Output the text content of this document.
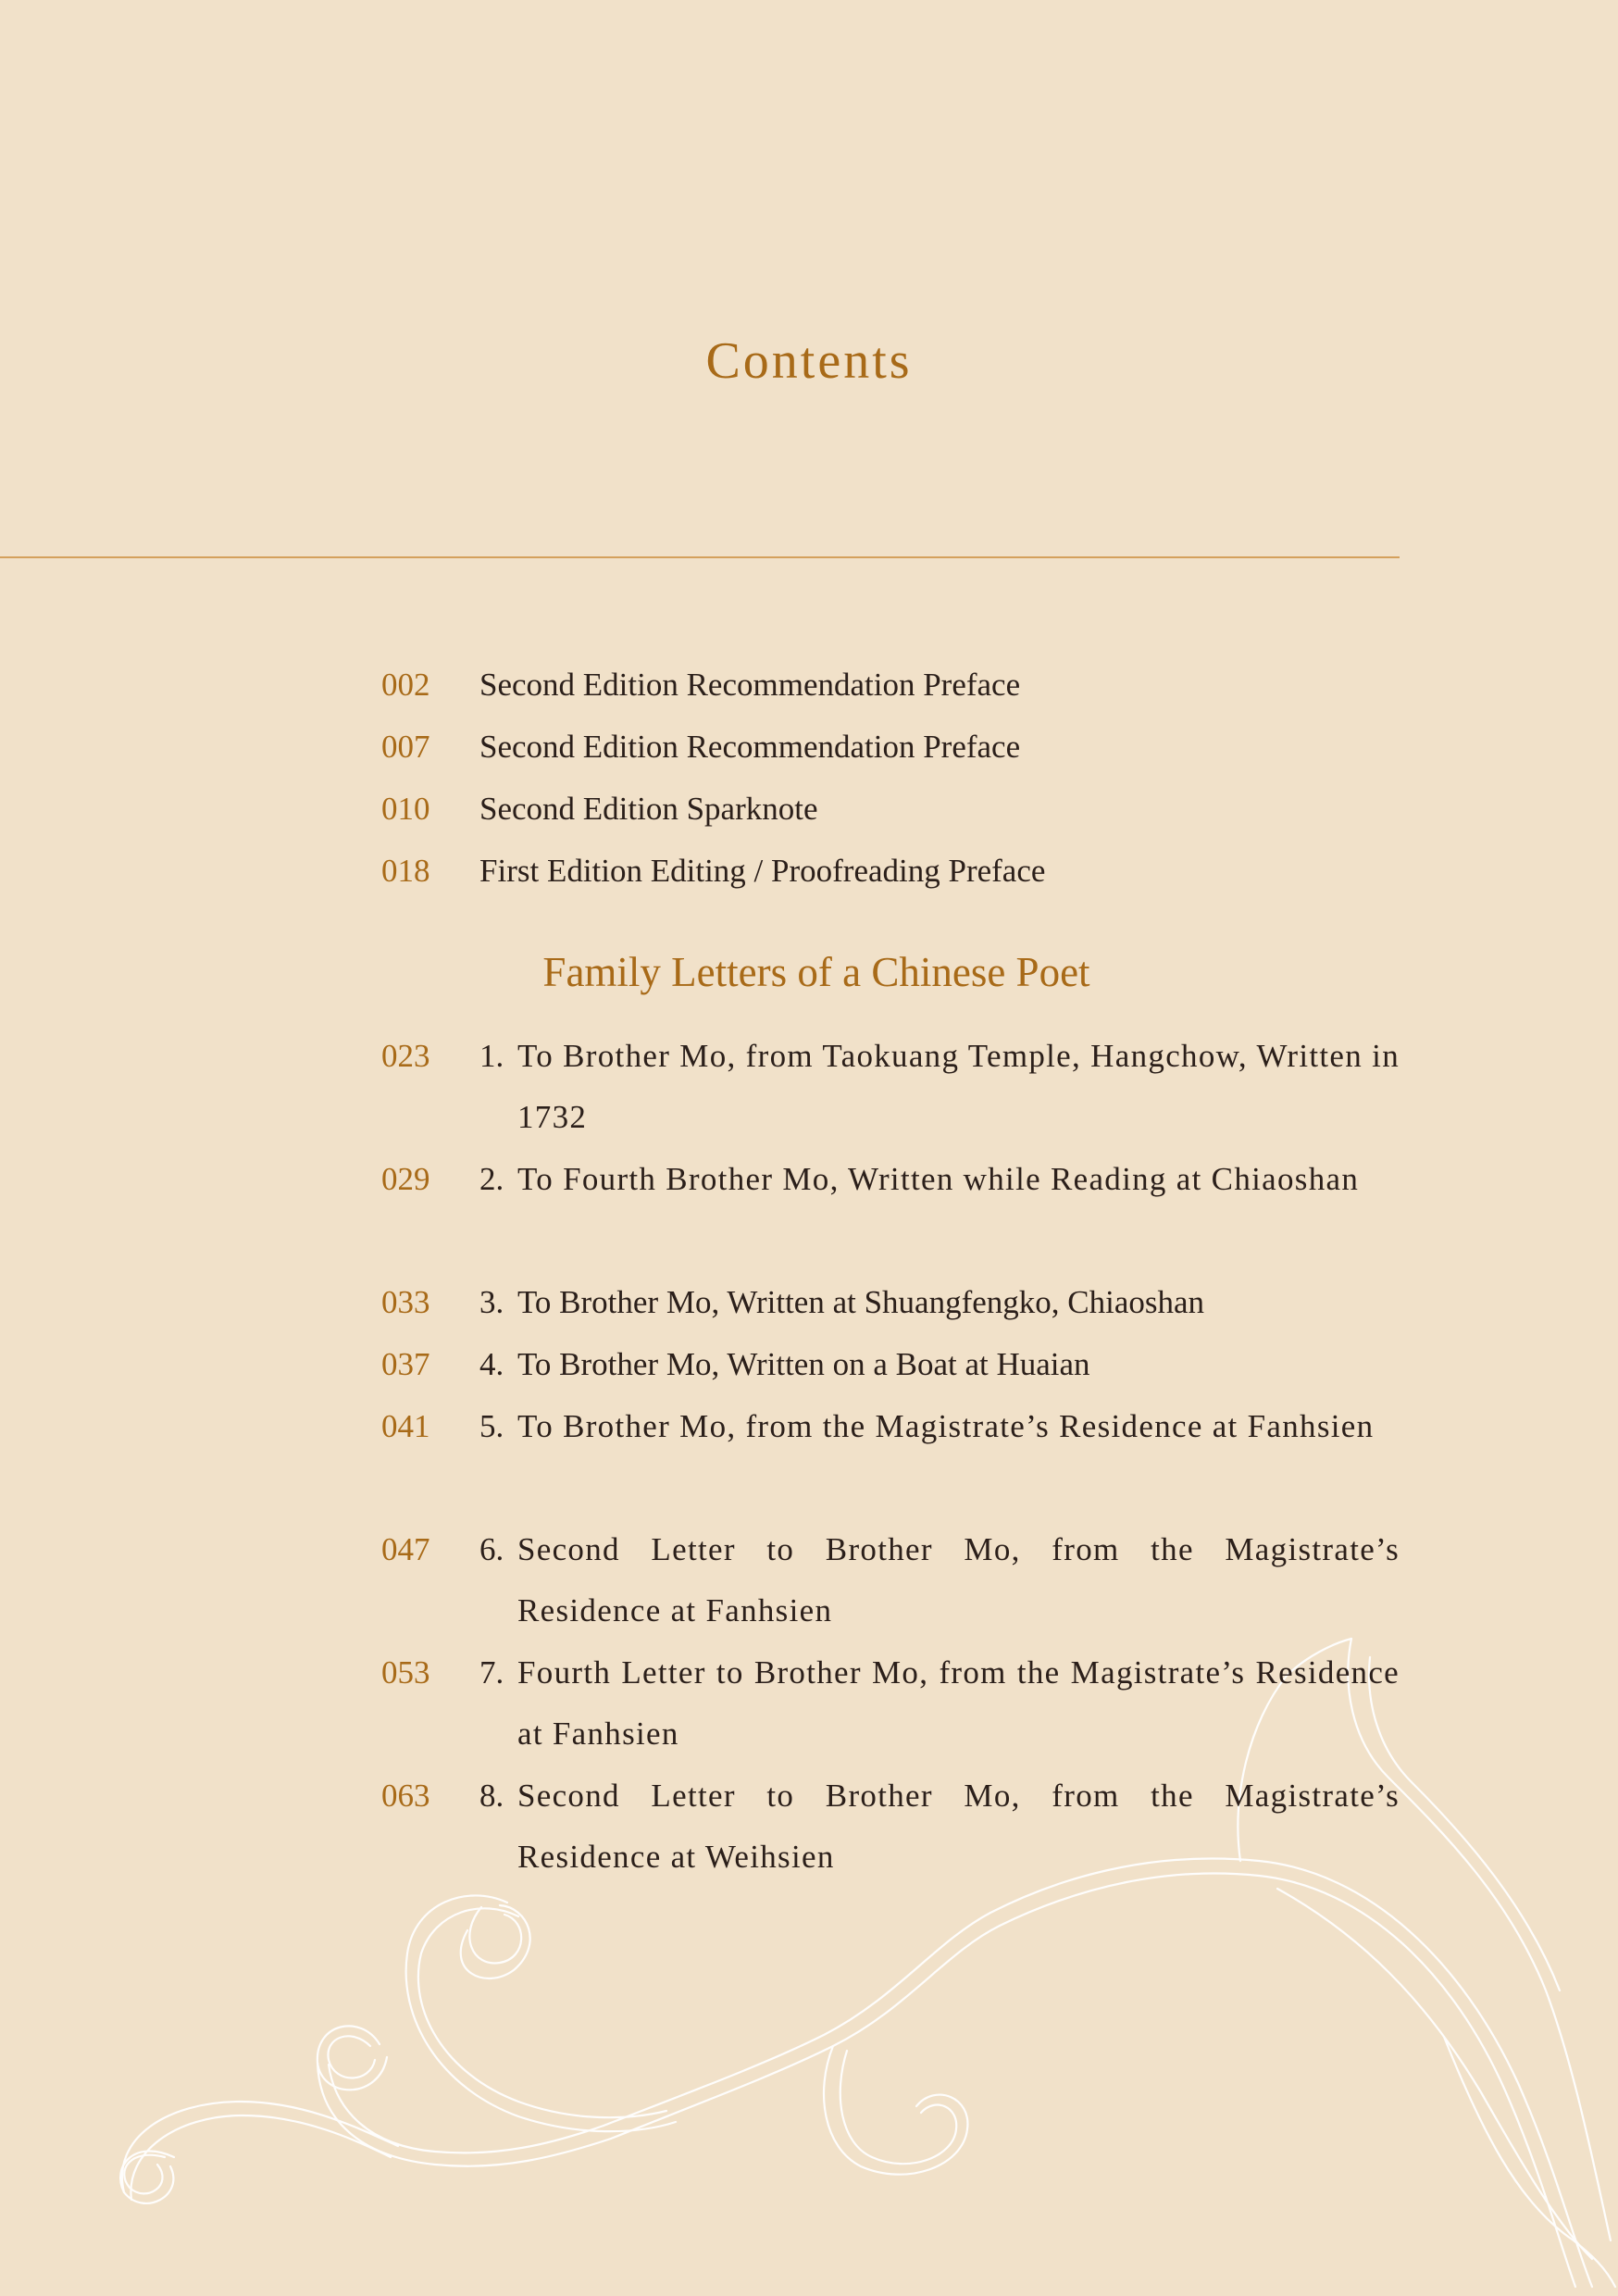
Contents
002	Second Edition Recommendation Preface
007	Second Edition Recommendation Preface
010	Second Edition Sparknote
018	First Edition Editing / Proofreading Preface
Family Letters of a Chinese Poet
023	1. To Brother Mo, from Taokuang Temple, Hangchow, Written in 1732
029	2. To Fourth Brother Mo, Written while Reading at Chiaoshan
033	3. To Brother Mo, Written at Shuangfengko, Chiaoshan
037	4. To Brother Mo, Written on a Boat at Huaian
041	5. To Brother Mo, from the Magistrate’s Residence at Fanhsien
047	6. Second Letter to Brother Mo, from the Magistrate’s Residence at Fanhsien
053	7. Fourth Letter to Brother Mo, from the Magistrate’s Residence at Fanhsien
063	8. Second Letter to Brother Mo, from the Magistrate’s Residence at Weihsien
